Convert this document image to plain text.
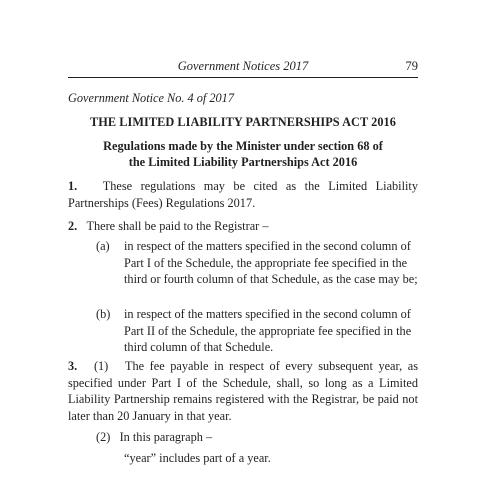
Government Notices 2017	79
Government Notice No. 4 of 2017
THE LIMITED LIABILITY PARTNERSHIPS ACT 2016
Regulations made by the Minister under section 68 of
the Limited Liability Partnerships Act 2016
1. These regulations may be cited as the Limited Liability Partnerships (Fees) Regulations 2017.
2. There shall be paid to the Registrar –
(a) in respect of the matters specified in the second column of Part I of the Schedule, the appropriate fee specified in the third or fourth column of that Schedule, as the case may be;
(b) in respect of the matters specified in the second column of Part II of the Schedule, the appropriate fee specified in the third column of that Schedule.
3. (1) The fee payable in respect of every subsequent year, as specified under Part I of the Schedule, shall, so long as a Limited Liability Partnership remains registered with the Registrar, be paid not later than 20 January in that year.
(2) In this paragraph –
“year” includes part of a year.
